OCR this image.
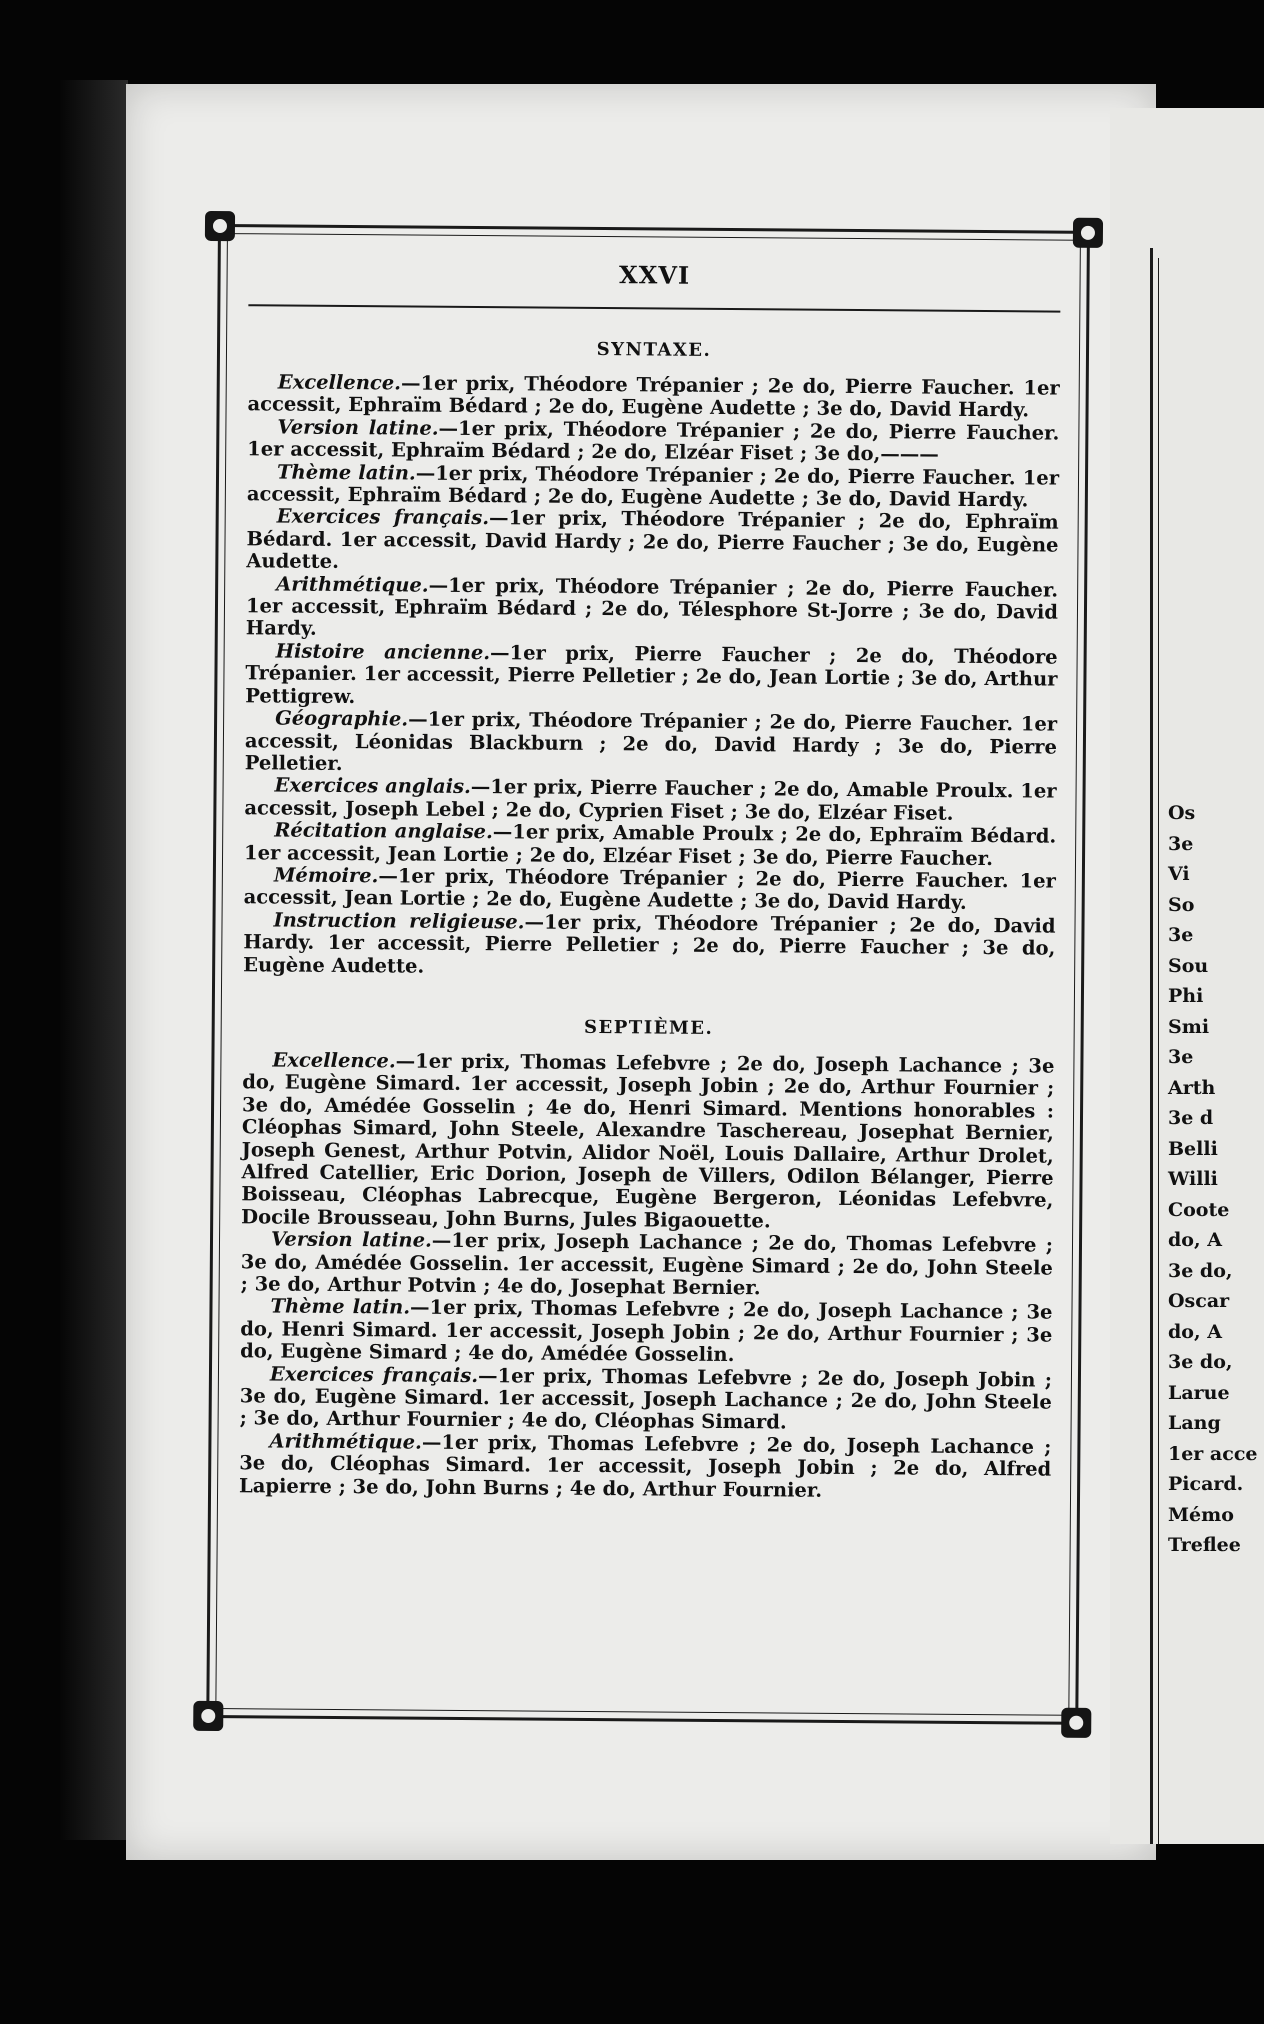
XXVI
SYNTAXE.

Excellence.—1er prix, Théodore Trépanier ; 2e do, Pierre Faucher. 1er accessit, Ephraïm Bédard ; 2e do, Eugène Audette ; 3e do, David Hardy.

Version latine.—1er prix, Théodore Trépanier ; 2e do, Pierre Faucher. 1er accessit, Ephraïm Bédard ; 2e do, Elzéar Fiset ; 3e do,———

Thème latin.—1er prix, Théodore Trépanier ; 2e do, Pierre Faucher. 1er accessit, Ephraïm Bédard ; 2e do, Eugène Audette ; 3e do, David Hardy.

Exercices français.—1er prix, Théodore Trépanier ; 2e do, Ephraïm Bédard. 1er accessit, David Hardy ; 2e do, Pierre Faucher ; 3e do, Eugène Audette.

Arithmétique.—1er prix, Théodore Trépanier ; 2e do, Pierre Faucher. 1er accessit, Ephraïm Bédard ; 2e do, Télesphore St-Jorre ; 3e do, David Hardy.

Histoire ancienne.—1er prix, Pierre Faucher ; 2e do, Théodore Trépanier. 1er accessit, Pierre Pelletier ; 2e do, Jean Lortie ; 3e do, Arthur Pettigrew.

Géographie.—1er prix, Théodore Trépanier ; 2e do, Pierre Faucher. 1er accessit, Léonidas Blackburn ; 2e do, David Hardy ; 3e do, Pierre Pelletier.

Exercices anglais.—1er prix, Pierre Faucher ; 2e do, Amable Proulx. 1er accessit, Joseph Lebel ; 2e do, Cyprien Fiset ; 3e do, Elzéar Fiset.

Récitation anglaise.—1er prix, Amable Proulx ; 2e do, Ephraïm Bédard. 1er accessit, Jean Lortie ; 2e do, Elzéar Fiset ; 3e do, Pierre Faucher.

Mémoire.—1er prix, Théodore Trépanier ; 2e do, Pierre Faucher. 1er accessit, Jean Lortie ; 2e do, Eugène Audette ; 3e do, David Hardy.

Instruction religieuse.—1er prix, Théodore Trépanier ; 2e do, David Hardy. 1er accessit, Pierre Pelletier ; 2e do, Pierre Faucher ; 3e do, Eugène Audette.

SEPTIÈME.

Excellence.—1er prix, Thomas Lefebvre ; 2e do, Joseph Lachance ; 3e do, Eugène Simard. 1er accessit, Joseph Jobin ; 2e do, Arthur Fournier ; 3e do, Amédée Gosselin ; 4e do, Henri Simard. Mentions honorables : Cléophas Simard, John Steele, Alexandre Taschereau, Josephat Bernier, Joseph Genest, Arthur Potvin, Alidor Noël, Louis Dallaire, Arthur Drolet, Alfred Catellier, Eric Dorion, Joseph de Villers, Odilon Bélanger, Pierre Boisseau, Cléophas Labrecque, Eugène Bergeron, Léonidas Lefebvre, Docile Brousseau, John Burns, Jules Bigaouette.

Version latine.—1er prix, Joseph Lachance ; 2e do, Thomas Lefebvre ; 3e do, Amédée Gosselin. 1er accessit, Eugène Simard ; 2e do, John Steele ; 3e do, Arthur Potvin ; 4e do, Josephat Bernier.

Thème latin.—1er prix, Thomas Lefebvre ; 2e do, Joseph Lachance ; 3e do, Henri Simard. 1er accessit, Joseph Jobin ; 2e do, Arthur Fournier ; 3e do, Eugène Simard ; 4e do, Amédée Gosselin.

Exercices français.—1er prix, Thomas Lefebvre ; 2e do, Joseph Jobin ; 3e do, Eugène Simard. 1er accessit, Joseph Lachance ; 2e do, John Steele ; 3e do, Arthur Fournier ; 4e do, Cléophas Simard.

Arithmétique.—1er prix, Thomas Lefebvre ; 2e do, Joseph Lachance ; 3e do, Cléophas Simard. 1er accessit, Joseph Jobin ; 2e do, Alfred Lapierre ; 3e do, John Burns ; 4e do, Arthur Fournier.

Os
3e
Vi
So
3e
Sou
Phi
Smi
3e
Arth
3e d
Belli
Willi
Coote
do, A
3e do,
Oscar
do, A
3e do,
Larue
Lang
1er acce
Picard.
Mémo
Treflee
